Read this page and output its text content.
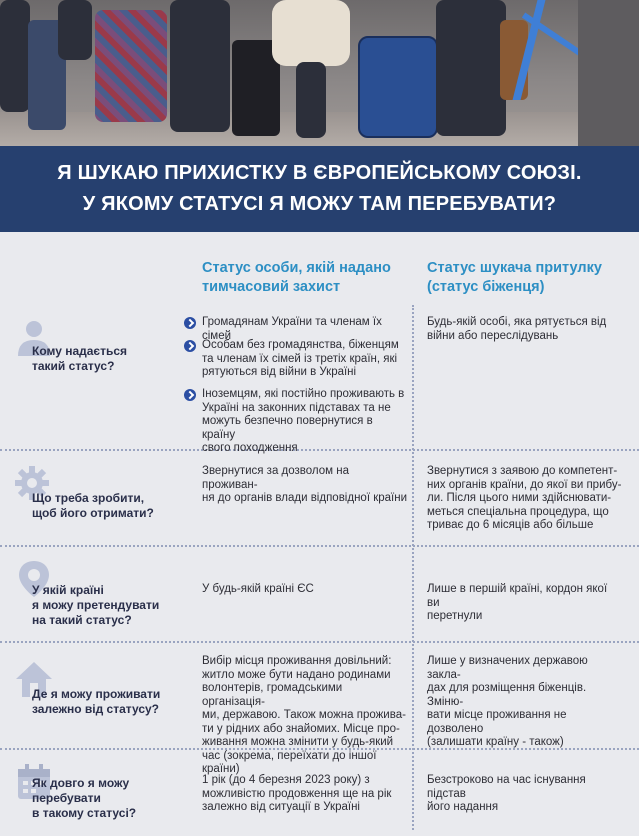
Я ШУКАЮ ПРИХИСТКУ В ЄВРОПЕЙСЬКОМУ СОЮЗІ.
У ЯКОМУ СТАТУСІ Я МОЖУ ТАМ ПЕРЕБУВАТИ?
Статус особи, якій надано
тимчасовий захист
Статус шукача притулку
(статус біженця)
Кому надається
такий статус?
Громадянам України та членам їх сімей
Особам без громадянства, біженцям
та членам їх сімей із третіх країн, які
рятуються від війни в Україні
Іноземцям, які постійно проживають в
Україні на законних підставах та не
можуть безпечно повернутися в країну
свого походження
Будь-якій особі, яка рятується від
війни або переслідувань
Що треба зробити,
щоб його отримати?
Звернутися за дозволом на проживан-
ня до органів влади відповідної країни
Звернутися з заявою до компетент-
них органів країни, до якої ви прибу-
ли. Після цього ними здійснювати-
меться спеціальна процедура, що
триває до 6 місяців або більше
У якій країні
я можу претендувати
на такий статус?
У будь-якій країні ЄС	Лише в першій країні, кордон якої ви
перетнули
Де я можу проживати
залежно від статусу?
Вибір місця проживання довільний:
житло може бути надано родинами
волонтерів, громадськими організація-
ми, державою. Також можна прожива-
ти у рідних або знайомих. Місце про-
живання можна змінити у будь-який
час (зокрема, переїхати до іншої країни)
Лише у визначених державою закла-
дах для розміщення біженців. Зміню-
вати місце проживання не дозволено
(залишати країну - також)
Як довго я можу
перебувати
в такому статусі?
1 рік (до 4 березня 2023 року) з
можливістю продовження ще на рік
залежно від ситуації в Україні
Безстроково на час існування підстав
його надання
